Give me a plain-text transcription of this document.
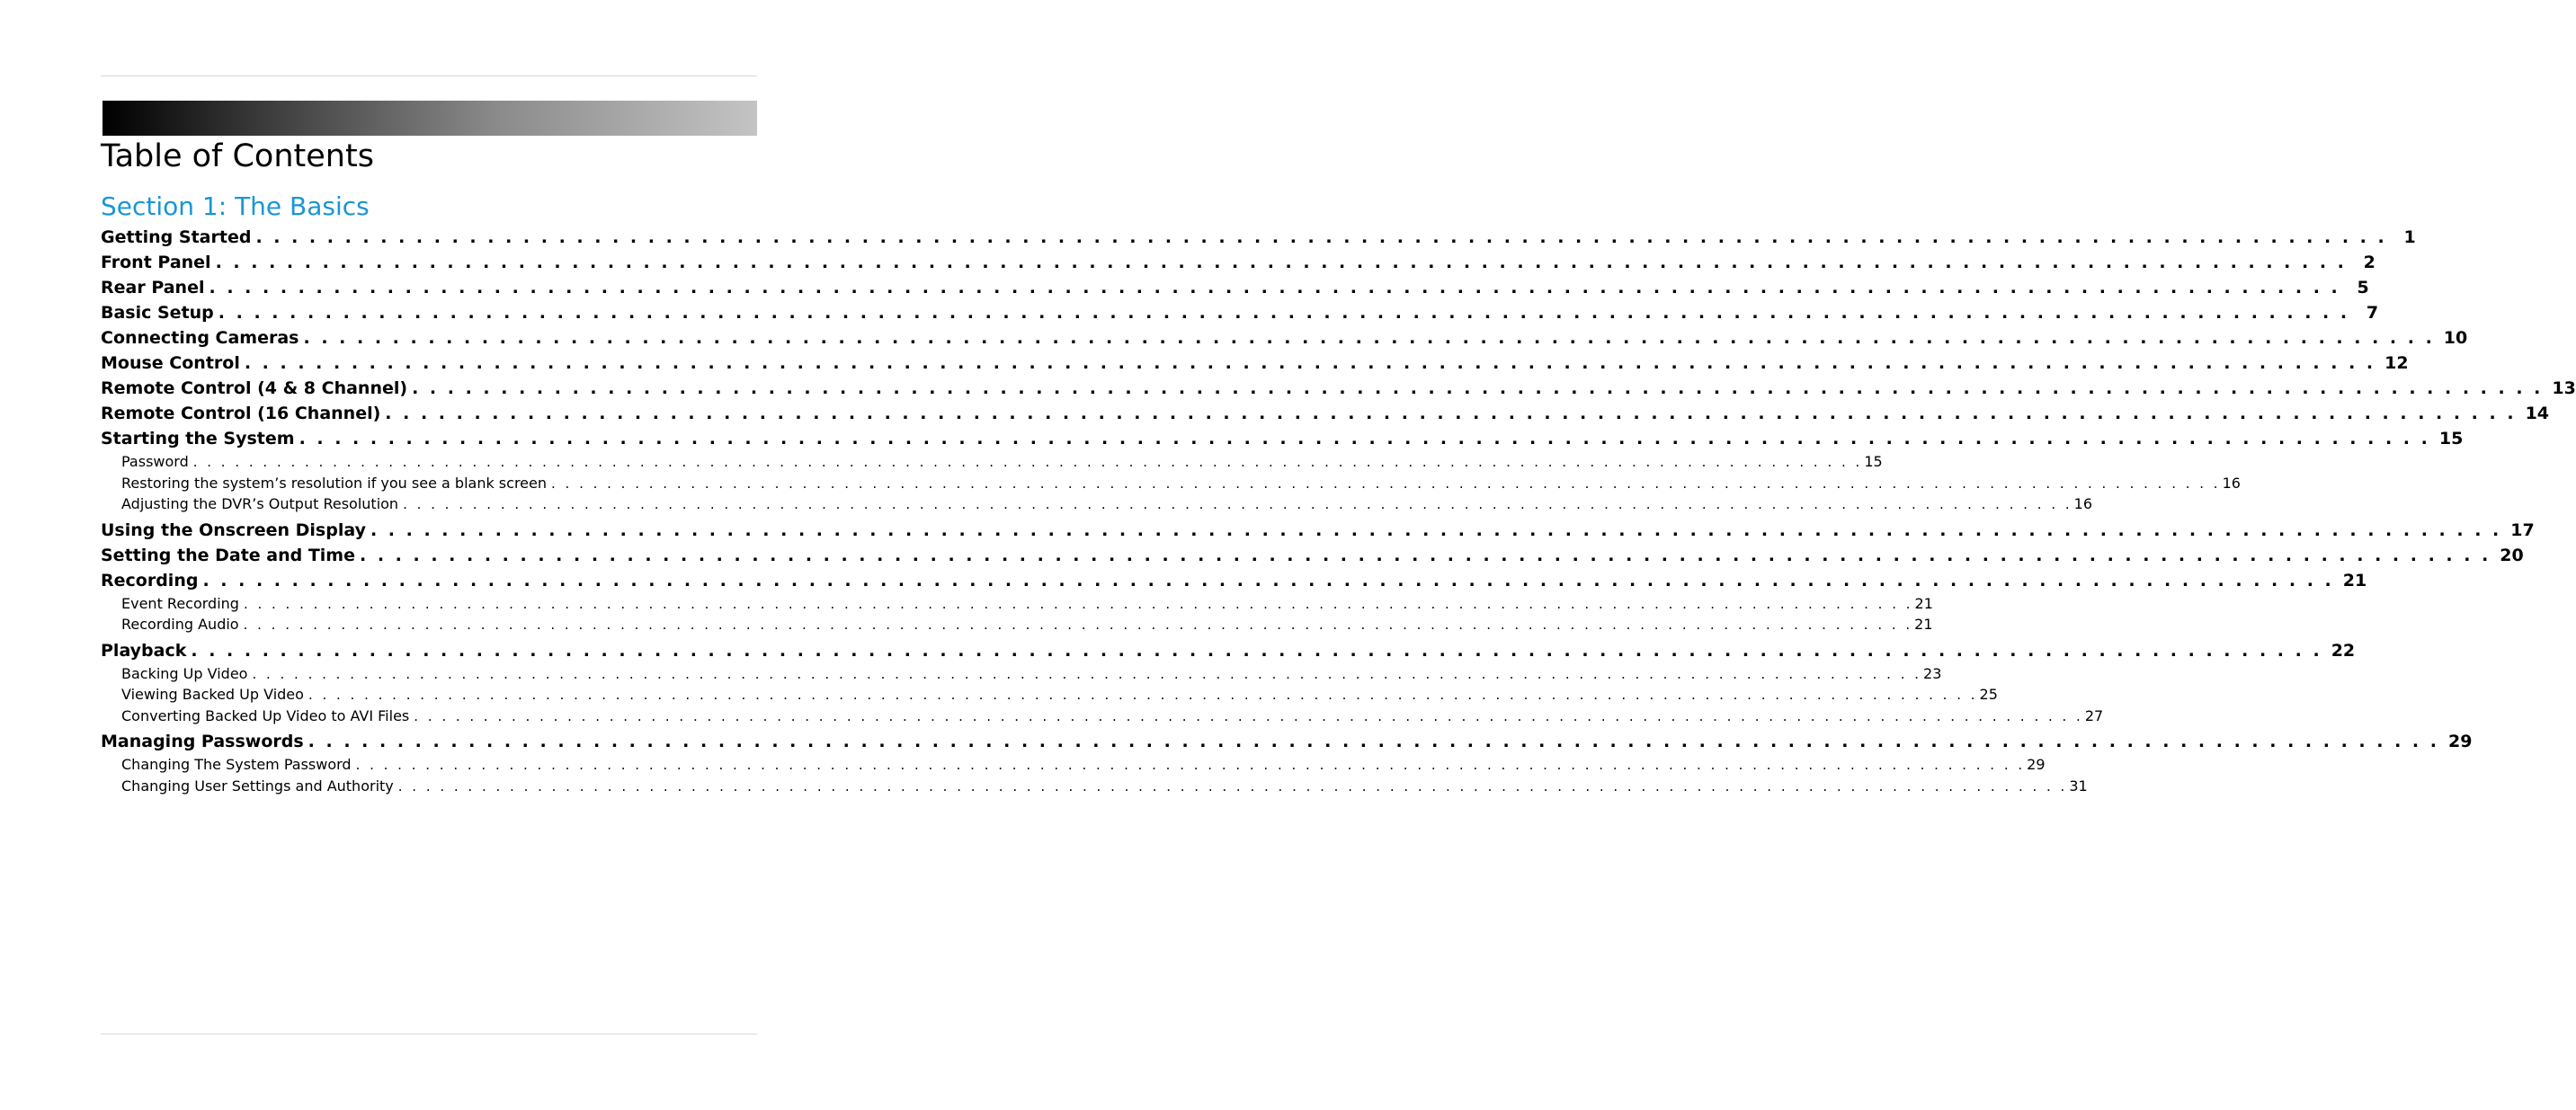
Table of Contents
Section 1: The Basics
Getting Started . . . . . . . . . . . . . . . . . . . . . . . . . . . . . . . . . . . . . . . . . . . . . . . . . . . . . . . . . . . . . . . . . . . . . . . . . . . . . . . . . . . . . . . . . . . . . . . . . . . . . . . . . . . . . . . . . . . . . . . . 1
Front Panel . . . . . . . . . . . . . . . . . . . . . . . . . . . . . . . . . . . . . . . . . . . . . . . . . . . . . . . . . . . . . . . . . . . . . . . . . . . . . . . . . . . . . . . . . . . . . . . . . . . . . . . . . . . . . . . . . . . . . . . . 2
Rear Panel . . . . . . . . . . . . . . . . . . . . . . . . . . . . . . . . . . . . . . . . . . . . . . . . . . . . . . . . . . . . . . . . . . . . . . . . . . . . . . . . . . . . . . . . . . . . . . . . . . . . . . . . . . . . . . . . . . . . . . . . 5
Basic Setup . . . . . . . . . . . . . . . . . . . . . . . . . . . . . . . . . . . . . . . . . . . . . . . . . . . . . . . . . . . . . . . . . . . . . . . . . . . . . . . . . . . . . . . . . . . . . . . . . . . . . . . . . . . . . . . . . . . . . . . . 7
Connecting Cameras . . . . . . . . . . . . . . . . . . . . . . . . . . . . . . . . . . . . . . . . . . . . . . . . . . . . . . . . . . . . . . . . . . . . . . . . . . . . . . . . . . . . . . . . . . . . . . . . . . . . . . . . . . . . . . . . . . . . . . . . 10
Mouse Control . . . . . . . . . . . . . . . . . . . . . . . . . . . . . . . . . . . . . . . . . . . . . . . . . . . . . . . . . . . . . . . . . . . . . . . . . . . . . . . . . . . . . . . . . . . . . . . . . . . . . . . . . . . . . . . . . . . . . . . . 12
Remote Control (4 & 8 Channel) . . . . . . . . . . . . . . . . . . . . . . . . . . . . . . . . . . . . . . . . . . . . . . . . . . . . . . . . . . . . . . . . . . . . . . . . . . . . . . . . . . . . . . . . . . . . . . . . . . . . . . . . . . . . . . . . . . . . . . . . 13
Remote Control (16 Channel) . . . . . . . . . . . . . . . . . . . . . . . . . . . . . . . . . . . . . . . . . . . . . . . . . . . . . . . . . . . . . . . . . . . . . . . . . . . . . . . . . . . . . . . . . . . . . . . . . . . . . . . . . . . . . . . . . . . . . . . . 14
Starting the System . . . . . . . . . . . . . . . . . . . . . . . . . . . . . . . . . . . . . . . . . . . . . . . . . . . . . . . . . . . . . . . . . . . . . . . . . . . . . . . . . . . . . . . . . . . . . . . . . . . . . . . . . . . . . . . . . . . . . . . . 15
Password . . . . . . . . . . . . . . . . . . . . . . . . . . . . . . . . . . . . . . . . . . . . . . . . . . . . . . . . . . . . . . . . . . . . . . . . . . . . . . . . . . . . . . . . . . . . . . . . . . . . . . . . . . . . . . . . . . . . . . . . 15
Restoring the system’s resolution if you see a blank screen . . . . . . . . . . . . . . . . . . . . . . . . . . . . . . . . . . . . . . . . . . . . . . . . . . . . . . . . . . . . . . . . . . . . . . . . . . . . . . . . . . . . . . . . . . . . . . . . . . . . . . . . . . . . . . . . . . . . . . . . 16
Adjusting the DVR’s Output Resolution . . . . . . . . . . . . . . . . . . . . . . . . . . . . . . . . . . . . . . . . . . . . . . . . . . . . . . . . . . . . . . . . . . . . . . . . . . . . . . . . . . . . . . . . . . . . . . . . . . . . . . . . . . . . . . . . . . . . . . . . 16
Using the Onscreen Display . . . . . . . . . . . . . . . . . . . . . . . . . . . . . . . . . . . . . . . . . . . . . . . . . . . . . . . . . . . . . . . . . . . . . . . . . . . . . . . . . . . . . . . . . . . . . . . . . . . . . . . . . . . . . . . . . . . . . . . . 17
Setting the Date and Time . . . . . . . . . . . . . . . . . . . . . . . . . . . . . . . . . . . . . . . . . . . . . . . . . . . . . . . . . . . . . . . . . . . . . . . . . . . . . . . . . . . . . . . . . . . . . . . . . . . . . . . . . . . . . . . . . . . . . . . . 20
Recording . . . . . . . . . . . . . . . . . . . . . . . . . . . . . . . . . . . . . . . . . . . . . . . . . . . . . . . . . . . . . . . . . . . . . . . . . . . . . . . . . . . . . . . . . . . . . . . . . . . . . . . . . . . . . . . . . . . . . . . . 21
Event Recording . . . . . . . . . . . . . . . . . . . . . . . . . . . . . . . . . . . . . . . . . . . . . . . . . . . . . . . . . . . . . . . . . . . . . . . . . . . . . . . . . . . . . . . . . . . . . . . . . . . . . . . . . . . . . . . . . . . . . . . . 21
Recording Audio . . . . . . . . . . . . . . . . . . . . . . . . . . . . . . . . . . . . . . . . . . . . . . . . . . . . . . . . . . . . . . . . . . . . . . . . . . . . . . . . . . . . . . . . . . . . . . . . . . . . . . . . . . . . . . . . . . . . . . . . 21
Playback . . . . . . . . . . . . . . . . . . . . . . . . . . . . . . . . . . . . . . . . . . . . . . . . . . . . . . . . . . . . . . . . . . . . . . . . . . . . . . . . . . . . . . . . . . . . . . . . . . . . . . . . . . . . . . . . . . . . . . . . 22
Backing Up Video . . . . . . . . . . . . . . . . . . . . . . . . . . . . . . . . . . . . . . . . . . . . . . . . . . . . . . . . . . . . . . . . . . . . . . . . . . . . . . . . . . . . . . . . . . . . . . . . . . . . . . . . . . . . . . . . . . . . . . . . 23
Viewing Backed Up Video . . . . . . . . . . . . . . . . . . . . . . . . . . . . . . . . . . . . . . . . . . . . . . . . . . . . . . . . . . . . . . . . . . . . . . . . . . . . . . . . . . . . . . . . . . . . . . . . . . . . . . . . . . . . . . . . . . . . . . . . 25
Converting Backed Up Video to AVI Files . . . . . . . . . . . . . . . . . . . . . . . . . . . . . . . . . . . . . . . . . . . . . . . . . . . . . . . . . . . . . . . . . . . . . . . . . . . . . . . . . . . . . . . . . . . . . . . . . . . . . . . . . . . . . . . . . . . . . . . . 27
Managing Passwords . . . . . . . . . . . . . . . . . . . . . . . . . . . . . . . . . . . . . . . . . . . . . . . . . . . . . . . . . . . . . . . . . . . . . . . . . . . . . . . . . . . . . . . . . . . . . . . . . . . . . . . . . . . . . . . . . . . . . . . . 29
Changing The System Password . . . . . . . . . . . . . . . . . . . . . . . . . . . . . . . . . . . . . . . . . . . . . . . . . . . . . . . . . . . . . . . . . . . . . . . . . . . . . . . . . . . . . . . . . . . . . . . . . . . . . . . . . . . . . . . . . . . . . . . . 29
Changing User Settings and Authority . . . . . . . . . . . . . . . . . . . . . . . . . . . . . . . . . . . . . . . . . . . . . . . . . . . . . . . . . . . . . . . . . . . . . . . . . . . . . . . . . . . . . . . . . . . . . . . . . . . . . . . . . . . . . . . . . . . . . . . . 31
